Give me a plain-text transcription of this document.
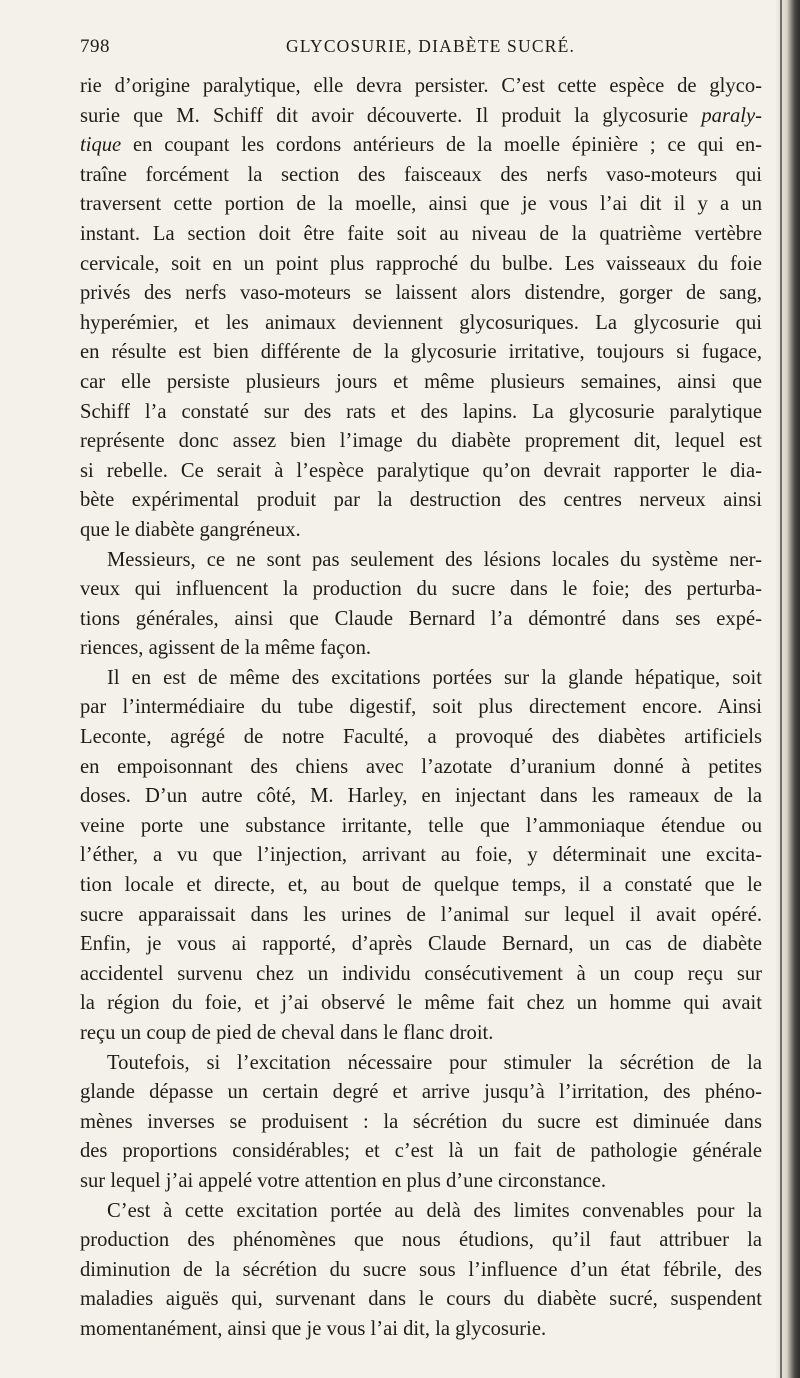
798	GLYCOSURIE, DIABÈTE SUCRÉ.
rie d’origine paralytique, elle devra persister. C’est cette espèce de glyco-
surie que M. Schiff dit avoir découverte. Il produit la glycosurie paraly-
tique en coupant les cordons antérieurs de la moelle épinière ; ce qui en-
traîne forcément la section des faisceaux des nerfs vaso-moteurs qui
traversent cette portion de la moelle, ainsi que je vous l’ai dit il y a un
instant. La section doit être faite soit au niveau de la quatrième vertèbre
cervicale, soit en un point plus rapproché du bulbe. Les vaisseaux du foie
privés des nerfs vaso-moteurs se laissent alors distendre, gorger de sang,
hyperémier, et les animaux deviennent glycosuriques. La glycosurie qui
en résulte est bien différente de la glycosurie irritative, toujours si fugace,
car elle persiste plusieurs jours et même plusieurs semaines, ainsi que
Schiff l’a constaté sur des rats et des lapins. La glycosurie paralytique
représente donc assez bien l’image du diabète proprement dit, lequel est
si rebelle. Ce serait à l’espèce paralytique qu’on devrait rapporter le dia-
bète expérimental produit par la destruction des centres nerveux ainsi
que le diabète gangréneux.
Messieurs, ce ne sont pas seulement des lésions locales du système ner-
veux qui influencent la production du sucre dans le foie; des perturba-
tions générales, ainsi que Claude Bernard l’a démontré dans ses expé-
riences, agissent de la même façon.
Il en est de même des excitations portées sur la glande hépatique, soit
par l’intermédiaire du tube digestif, soit plus directement encore. Ainsi
Leconte, agrégé de notre Faculté, a provoqué des diabètes artificiels
en empoisonnant des chiens avec l’azotate d’uranium donné à petites
doses. D’un autre côté, M. Harley, en injectant dans les rameaux de la
veine porte une substance irritante, telle que l’ammoniaque étendue ou
l’éther, a vu que l’injection, arrivant au foie, y déterminait une excita-
tion locale et directe, et, au bout de quelque temps, il a constaté que le
sucre apparaissait dans les urines de l’animal sur lequel il avait opéré.
Enfin, je vous ai rapporté, d’après Claude Bernard, un cas de diabète
accidentel survenu chez un individu consécutivement à un coup reçu sur
la région du foie, et j’ai observé le même fait chez un homme qui avait
reçu un coup de pied de cheval dans le flanc droit.
Toutefois, si l’excitation nécessaire pour stimuler la sécrétion de la
glande dépasse un certain degré et arrive jusqu’à l’irritation, des phéno-
mènes inverses se produisent : la sécrétion du sucre est diminuée dans
des proportions considérables; et c’est là un fait de pathologie générale
sur lequel j’ai appelé votre attention en plus d’une circonstance.
C’est à cette excitation portée au delà des limites convenables pour la
production des phénomènes que nous étudions, qu’il faut attribuer la
diminution de la sécrétion du sucre sous l’influence d’un état fébrile, des
maladies aiguës qui, survenant dans le cours du diabète sucré, suspendent
momentanément, ainsi que je vous l’ai dit, la glycosurie.
